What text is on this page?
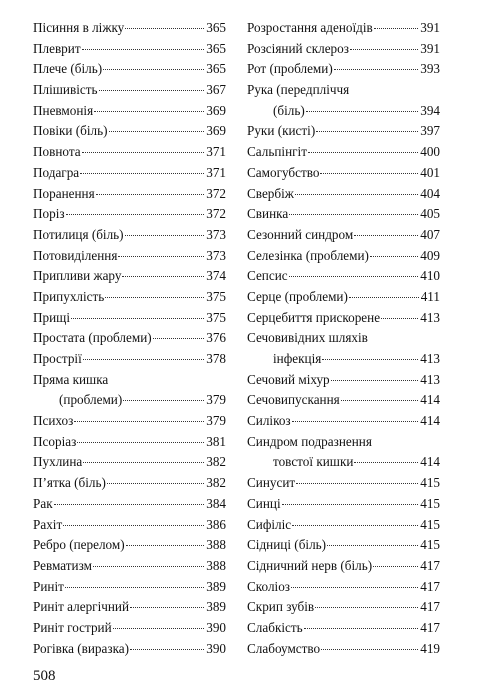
Пісиння в ліжку	365
Плеврит	365
Плече (біль)	365
Плішивість	367
Пневмонія	369
Повіки (біль)	369
Повнота	371
Подагра	371
Поранення	372
Поріз	372
Потилиця (біль)	373
Потовиділення	373
Припливи жару	374
Припухлість	375
Прищі	375
Простата (проблеми)	376
Прострії	378
Пряма кишка
(проблеми)	379
Психоз	379
Псоріаз	381
Пухлина	382
П’ятка (біль)	382
Рак	384
Рахіт	386
Ребро (перелом)	388
Ревматизм	388
Риніт	389
Риніт алергічний	389
Риніт гострий	390
Рогівка (виразка)	390
Розростання аденоїдів	391
Розсіяний склероз	391
Рот (проблеми)	393
Рука (передпліччя
(біль)	394
Руки (кисті)	397
Сальпінгіт	400
Самогубство	401
Свербіж	404
Свинка	405
Сезонний синдром	407
Селезінка (проблеми)	409
Сепсис	410
Серце (проблеми)	411
Серцебиття прискорене	413
Сечовивідних шляхів
інфекція	413
Сечовий міхур	413
Сечовипускання	414
Силікоз	414
Синдром подразнення
товстої кишки	414
Синусит	415
Синці	415
Сифіліс	415
Сідниці (біль)	415
Сідничний нерв (біль)	417
Сколіоз	417
Скрип зубів	417
Слабкість	417
Слабоумство	419
508
